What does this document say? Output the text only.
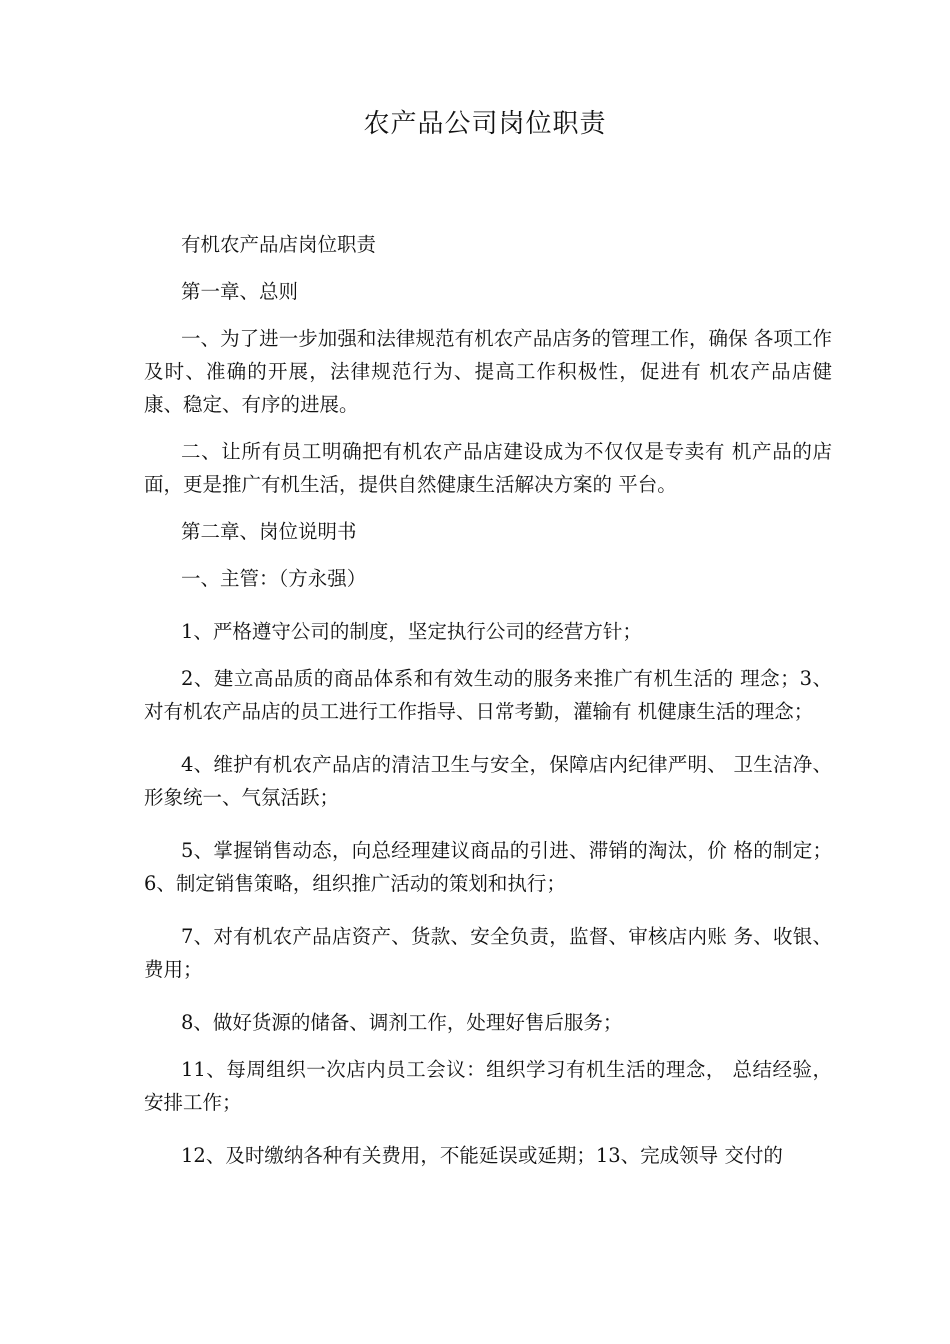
农产品公司岗位职责

有机农产品店岗位职责

第一章、总则

一、为了进一步加强和法律规范有机农产品店务的管理工作，确保 各项工作及时、准确的开展，法律规范行为、提高工作积极性，促进有 机农产品店健康、稳定、有序的进展。

二、让所有员工明确把有机农产品店建设成为不仅仅是专卖有 机产品的店面，更是推广有机生活，提供自然健康生活解决方案的 平台。

第二章、岗位说明书

一、主管：（方永强）

1、严格遵守公司的制度，坚定执行公司的经营方针；

2、建立高品质的商品体系和有效生动的服务来推广有机生活的 理念；3、对有机农产品店的员工进行工作指导、日常考勤，灌输有 机健康生活的理念；

4、维护有机农产品店的清洁卫生与安全，保障店内纪律严明、 卫生洁净、形象统一、气氛活跃；

5、掌握销售动态，向总经理建议商品的引进、滞销的淘汰，价 格的制定；6、制定销售策略，组织推广活动的策划和执行；

7、对有机农产品店资产、货款、安全负责，监督、审核店内账 务、收银、费用；

8、做好货源的储备、调剂工作，处理好售后服务；

11、每周组织一次店内员工会议：组织学习有机生活的理念， 总结经验，安排工作；

12、及时缴纳各种有关费用，不能延误或延期；13、完成领导 交付的
